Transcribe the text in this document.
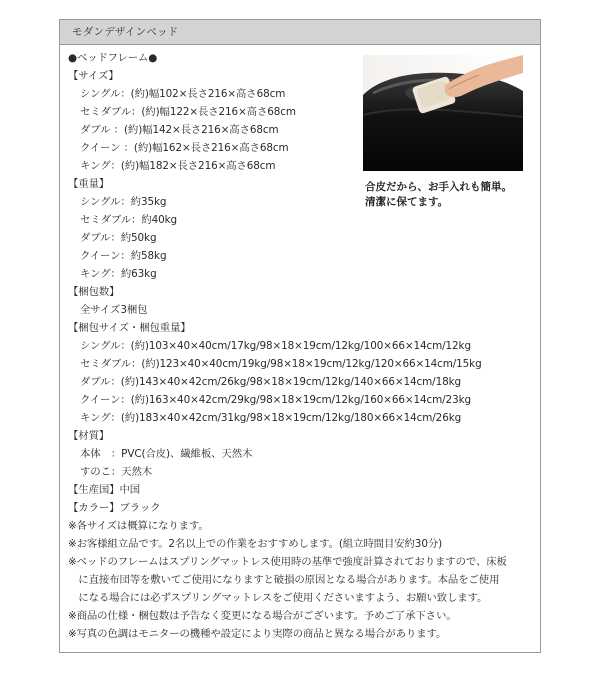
モダンデザインベッド
●ベッドフレーム●
【サイズ】
シングル：(約)幅102×長さ216×高さ68cm
セミダブル：(約)幅122×長さ216×高さ68cm
ダブル ：(約)幅142×長さ216×高さ68cm
クイーン ：(約)幅162×長さ216×高さ68cm
キング：(約)幅182×長さ216×高さ68cm
【重量】
シングル：約35kg
セミダブル：約40kg
ダブル：約50kg
クイーン：約58kg
キング：約63kg
【梱包数】
全サイズ3梱包
【梱包サイズ・梱包重量】
シングル：(約)103×40×40cm/17kg/98×18×19cm/12kg/100×66×14cm/12kg
セミダブル：(約)123×40×40cm/19kg/98×18×19cm/12kg/120×66×14cm/15kg
ダブル：(約)143×40×42cm/26kg/98×18×19cm/12kg/140×66×14cm/18kg
クイーン：(約)163×40×42cm/29kg/98×18×19cm/12kg/160×66×14cm/23kg
キング：(約)183×40×42cm/31kg/98×18×19cm/12kg/180×66×14cm/26kg
【材質】
本体　：PVC(合皮)、繊維板、天然木
すのこ：天然木
【生産国】中国
【カラー】ブラック
※各サイズは概算になります。
※お客様組立品です。2名以上での作業をおすすめします。(組立時間目安約30分)
※ベッドのフレームはスプリングマットレス使用時の基準で強度計算されておりますので、床板
　に直接布団等を敷いてご使用になりますと破損の原因となる場合があります。本品をご使用
　になる場合には必ずスプリングマットレスをご使用くださいますよう、お願い致します。
※商品の仕様・梱包数は予告なく変更になる場合がございます。予めご了承下さい。
※写真の色調はモニターの機種や設定により実際の商品と異なる場合があります。
合皮だから、お手入れも簡単。
清潔に保てます。
